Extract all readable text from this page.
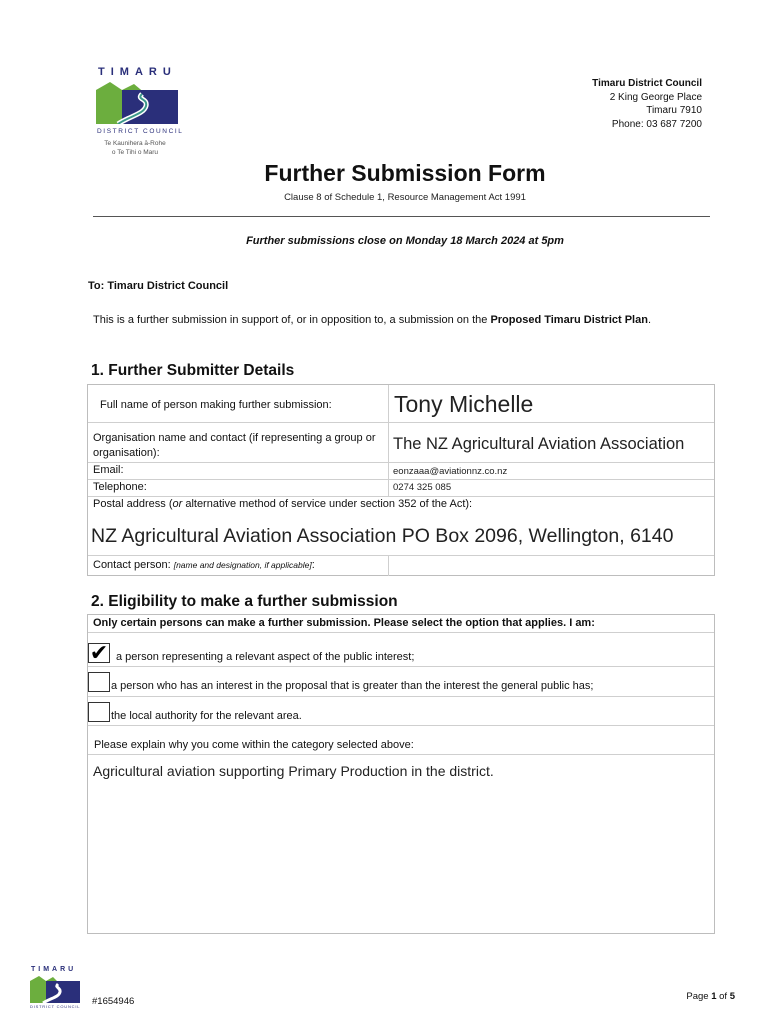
TIMARU
DISTRICT COUNCIL
Te Kaunihera ā-Rohe
o Te Tihi o Maru
Timaru District Council
2 King George Place
Timaru 7910
Phone: 03 687 7200
Further Submission Form
Clause 8 of Schedule 1, Resource Management Act 1991
Further submissions close on Monday 18 March 2024 at 5pm
To: Timaru District Council
This is a further submission in support of, or in opposition to, a submission on the Proposed Timaru District Plan.
1. Further Submitter Details
Full name of person making further submission:	Tony Michelle
Organisation name and contact (if representing a group or organisation):	The NZ Agricultural Aviation Association
Email:	eonzaaa@aviationnz.co.nz
Telephone:	0274 325 085
Postal address (or alternative method of service under section 352 of the Act):
NZ Agricultural Aviation Association PO Box 2096, Wellington, 6140
Contact person: [name and designation, if applicable]:
2. Eligibility to make a further submission
Only certain persons can make a further submission. Please select the option that applies. I am:
✔ a person representing a relevant aspect of the public interest;
a person who has an interest in the proposal that is greater than the interest the general public has;
the local authority for the relevant area.
Please explain why you come within the category selected above:
Agricultural aviation supporting Primary Production in the district.
TIMARU
DISTRICT COUNCIL #1654946	Page 1 of 5
